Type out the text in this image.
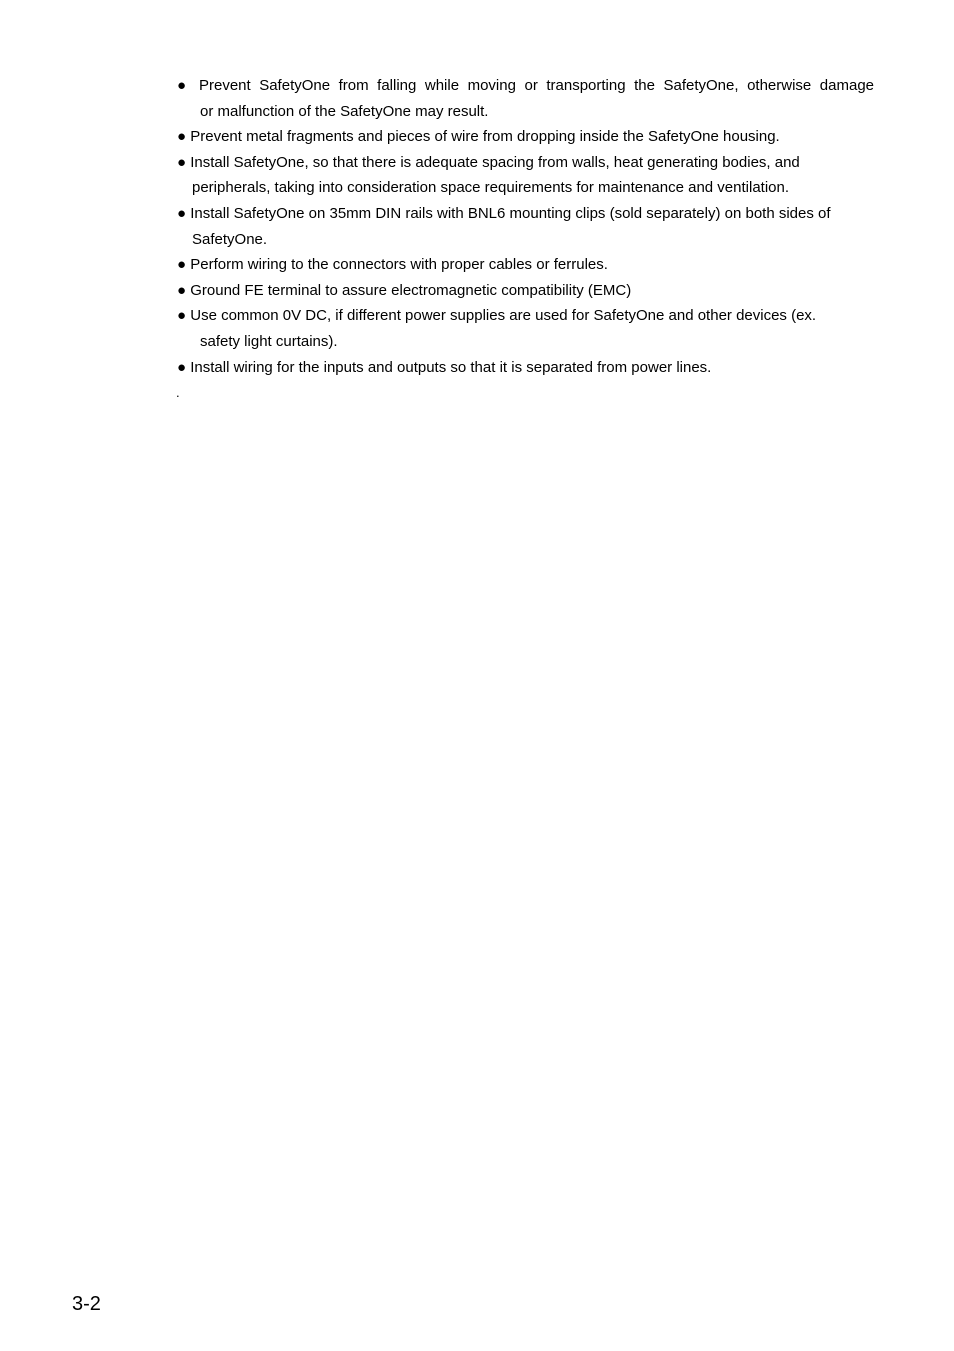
● Prevent SafetyOne from falling while moving or transporting the SafetyOne, otherwise damage
or malfunction of the SafetyOne may result.
● Prevent metal fragments and pieces of wire from dropping inside the SafetyOne housing.
● Install SafetyOne, so that there is adequate spacing from walls, heat generating bodies, and
peripherals, taking into consideration space requirements for maintenance and ventilation.
● Install SafetyOne on 35mm DIN rails with BNL6 mounting clips (sold separately) on both sides of
SafetyOne.
● Perform wiring to the connectors with proper cables or ferrules.
● Ground FE terminal to assure electromagnetic compatibility (EMC)
● Use common 0V DC, if different power supplies are used for SafetyOne and other devices (ex.
safety light curtains).
● Install wiring for the inputs and outputs so that it is separated from power lines.
.
3-2
